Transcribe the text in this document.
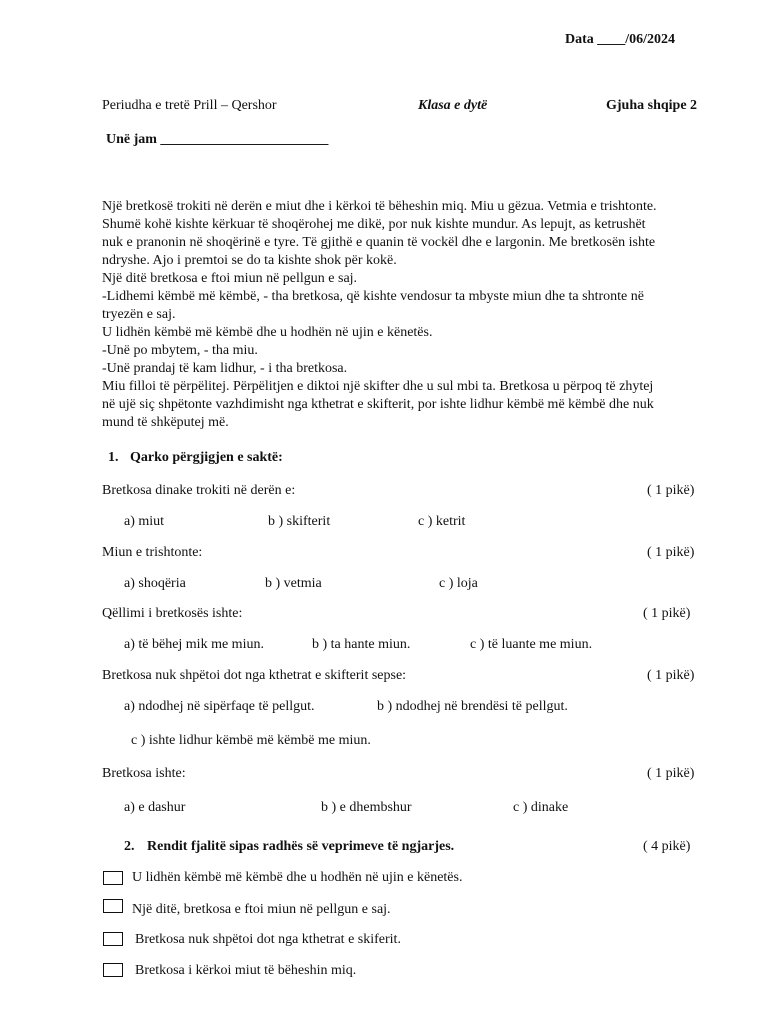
Data ____/06/2024
Periudha e tretë Prill – Qershor	Klasa e dytë	Gjuha shqipe 2
Unë jam ________________________

Një bretkosë trokiti në derën e miut dhe i kërkoi të bëheshin miq. Miu u gëzua. Vetmia e trishtonte.

Shumë kohë kishte kërkuar të shoqërohej me dikë, por nuk kishte mundur. As lepujt, as ketrushët

nuk e pranonin në shoqërinë e tyre. Të gjithë e quanin të vockël dhe e largonin. Me bretkosën ishte

ndryshe. Ajo i premtoi se do ta kishte shok për kokë.

Një ditë bretkosa e ftoi miun në pellgun e saj.

-Lidhemi këmbë më këmbë, - tha bretkosa, që kishte vendosur ta mbyste miun dhe ta shtronte në

tryezën e saj.

U lidhën këmbë më këmbë dhe u hodhën në ujin e kënetës.

-Unë po mbytem, - tha miu.

-Unë prandaj të kam lidhur, - i tha bretkosa.

Miu filloi të përpëlitej. Përpëlitjen e diktoi një skifter dhe u sul mbi ta. Bretkosa u përpoq të zhytej

në ujë siç shpëtonte vazhdimisht nga kthetrat e skifterit, por ishte lidhur këmbë më këmbë dhe nuk

mund të shkëputej më.

1. Qarko përgjigjen e saktë:
Bretkosa dinake trokiti në derën e:	( 1 pikë)
a) miut	b ) skifterit	c ) ketrit
Miun e trishtonte:	( 1 pikë)
a) shoqëria	b ) vetmia	c ) loja
Qëllimi i bretkosës ishte:	( 1 pikë)
a) të bëhej mik me miun.	b ) ta hante miun.	c ) të luante me miun.
Bretkosa nuk shpëtoi dot nga kthetrat e skifterit sepse:	( 1 pikë)
a) ndodhej në sipërfaqe të pellgut.	b ) ndodhej në brendësi të pellgut.
c ) ishte lidhur këmbë më këmbë me miun.
Bretkosa ishte:	( 1 pikë)
a) e dashur	b ) e dhembshur	c ) dinake
2. Rendit fjalitë sipas radhës së veprimeve të ngjarjes.	( 4 pikë)
U lidhën këmbë më këmbë dhe u hodhën në ujin e kënetës.
Një ditë, bretkosa e ftoi miun në pellgun e saj.
Bretkosa nuk shpëtoi dot nga kthetrat e skiferit.
Bretkosa i kërkoi miut të bëheshin miq.
